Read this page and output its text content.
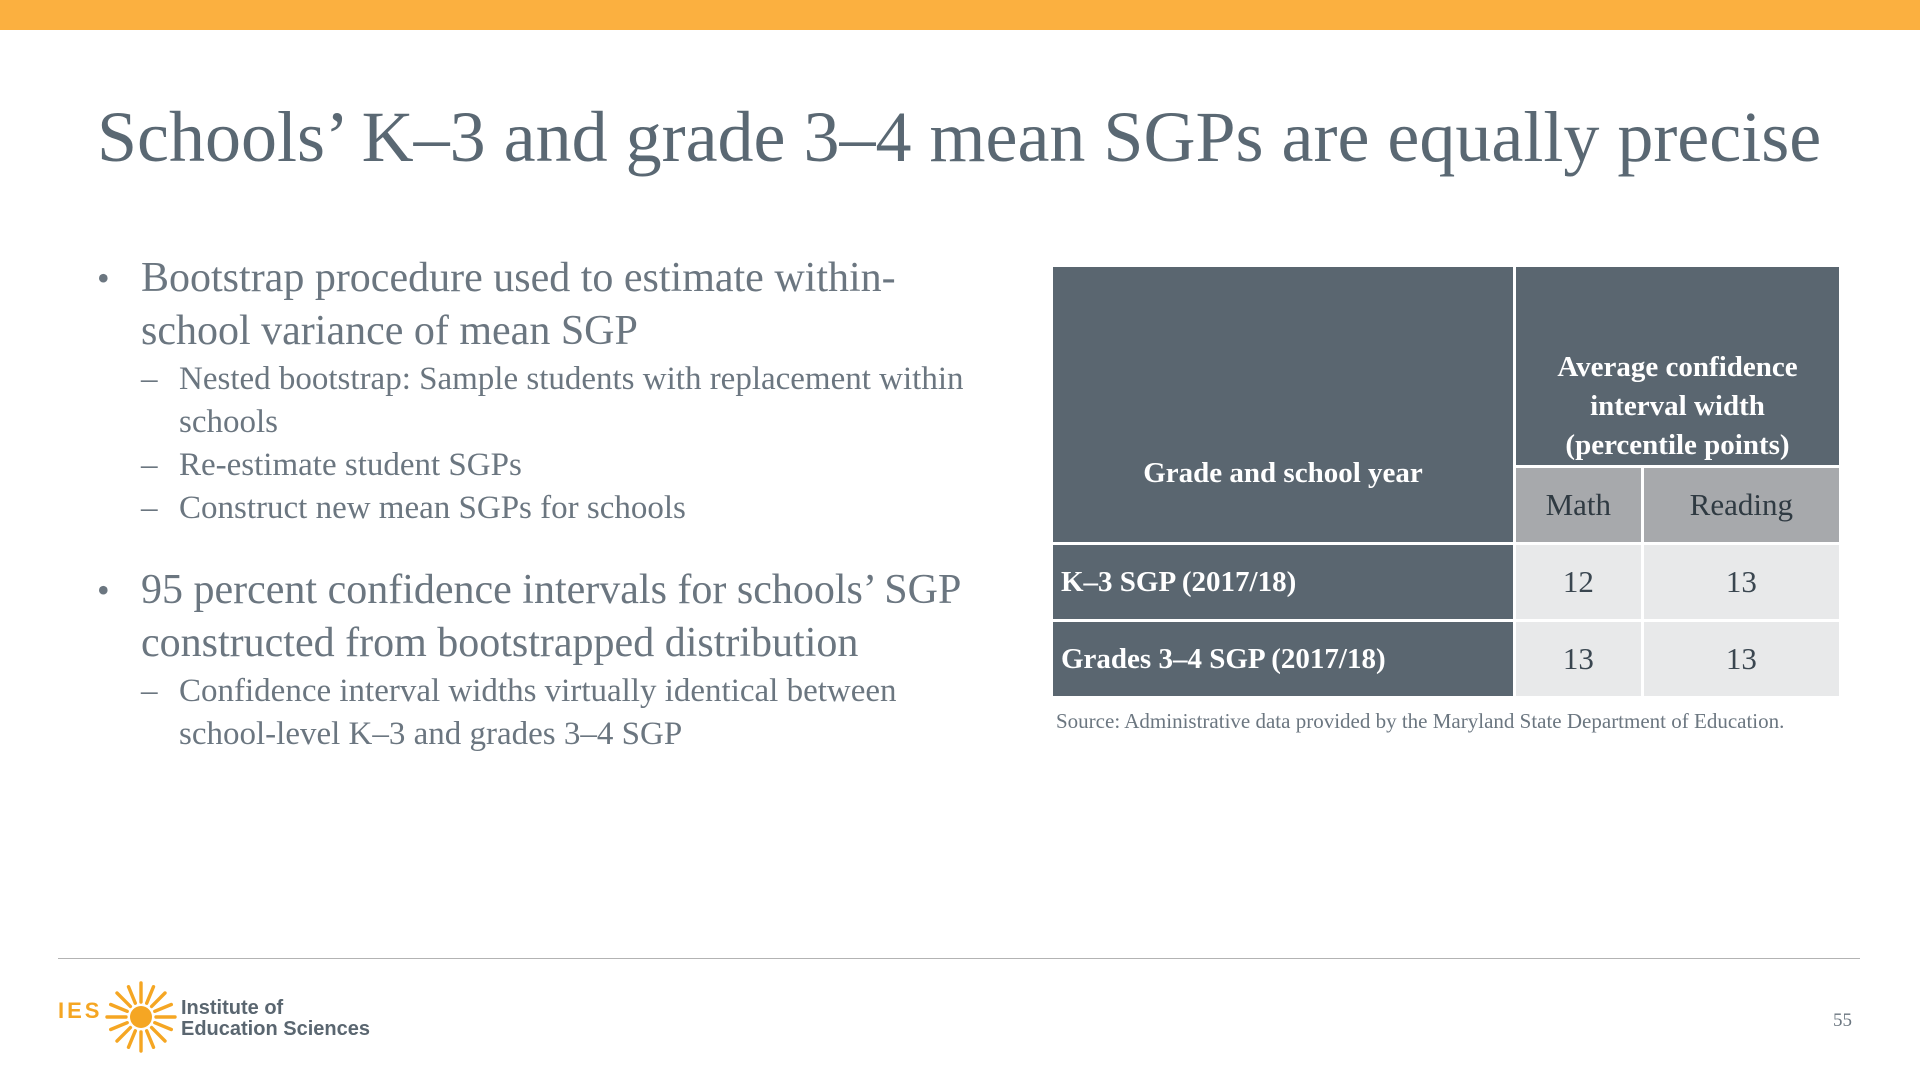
Schools’ K–3 and grade 3–4 mean SGPs are equally precise
• Bootstrap procedure used to estimate within-school variance of mean SGP
– Nested bootstrap: Sample students with replacement within schools
– Re-estimate student SGPs
– Construct new mean SGPs for schools
• 95 percent confidence intervals for schools’ SGP constructed from bootstrapped distribution
– Confidence interval widths virtually identical between school-level K–3 and grades 3–4 SGP
Grade and school year	Average confidence interval width (percentile points)	

	Math	Reading
K–3 SGP (2017/18)	12	13
Grades 3–4 SGP (2017/18)	13	13
Source: Administrative data provided by the Maryland State Department of Education.
IES	Institute of
Education Sciences	55
